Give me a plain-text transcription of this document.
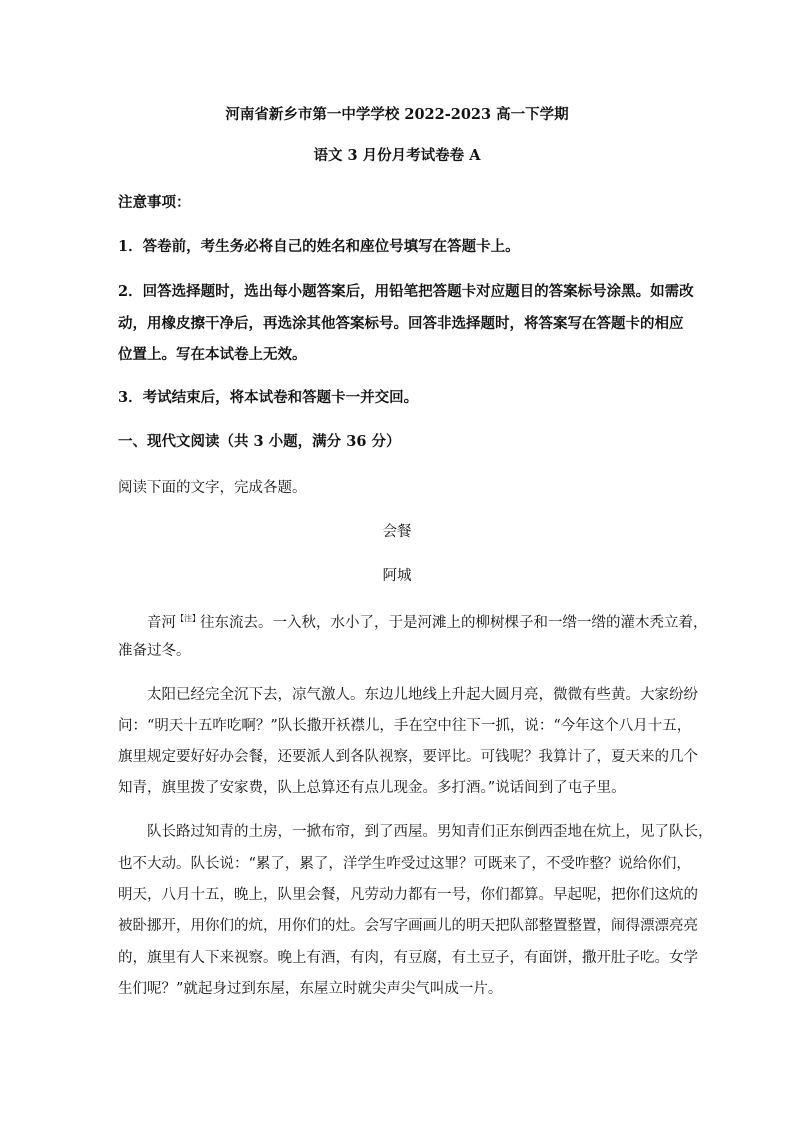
河南省新乡市第一中学学校 2022-2023 高一下学期
语文 3 月份月考试卷卷 A
注意事项：
1．答卷前，考生务必将自己的姓名和座位号填写在答题卡上。
2．回答选择题时，选出每小题答案后，用铅笔把答题卡对应题目的答案标号涂黑。如需改
动，用橡皮擦干净后，再选涂其他答案标号。回答非选择题时，将答案写在答题卡的相应
位置上。写在本试卷上无效。
3．考试结束后，将本试卷和答题卡一并交回。
一、现代文阅读（共 3 小题，满分 36 分）
阅读下面的文字，完成各题。
会餐
阿城
音河$^{【注】}$往东流去。一入秋，水小了，于是河滩上的柳树棵子和一绺一绺的灌木秃立着，
准备过冬。
太阳已经完全沉下去，凉气激人。东边儿地线上升起大圆月亮，微微有些黄。大家纷纷
问：“明天十五咋吃啊？”队长撒开袄襟儿，手在空中往下一抓，说：“今年这个八月十五，
旗里规定要好好办会餐，还要派人到各队视察，要评比。可钱呢？我算计了，夏天来的几个
知青，旗里拨了安家费，队上总算还有点儿现金。多打酒。”说话间到了屯子里。
队长路过知青的土房，一掀布帘，到了西屋。男知青们正东倒西歪地在炕上，见了队长，
也不大动。队长说：“累了，累了，洋学生咋受过这罪？可既来了，不受咋整？说给你们，
明天，八月十五，晚上，队里会餐，凡劳动力都有一号，你们都算。早起呢，把你们这炕的
被卧挪开，用你们的炕，用你们的灶。会写字画画儿的明天把队部整置整置，闹得漂漂亮亮
的，旗里有人下来视察。晚上有酒，有肉，有豆腐，有土豆子，有面饼，撒开肚子吃。女学
生们呢？”就起身过到东屋，东屋立时就尖声尖气叫成一片。
